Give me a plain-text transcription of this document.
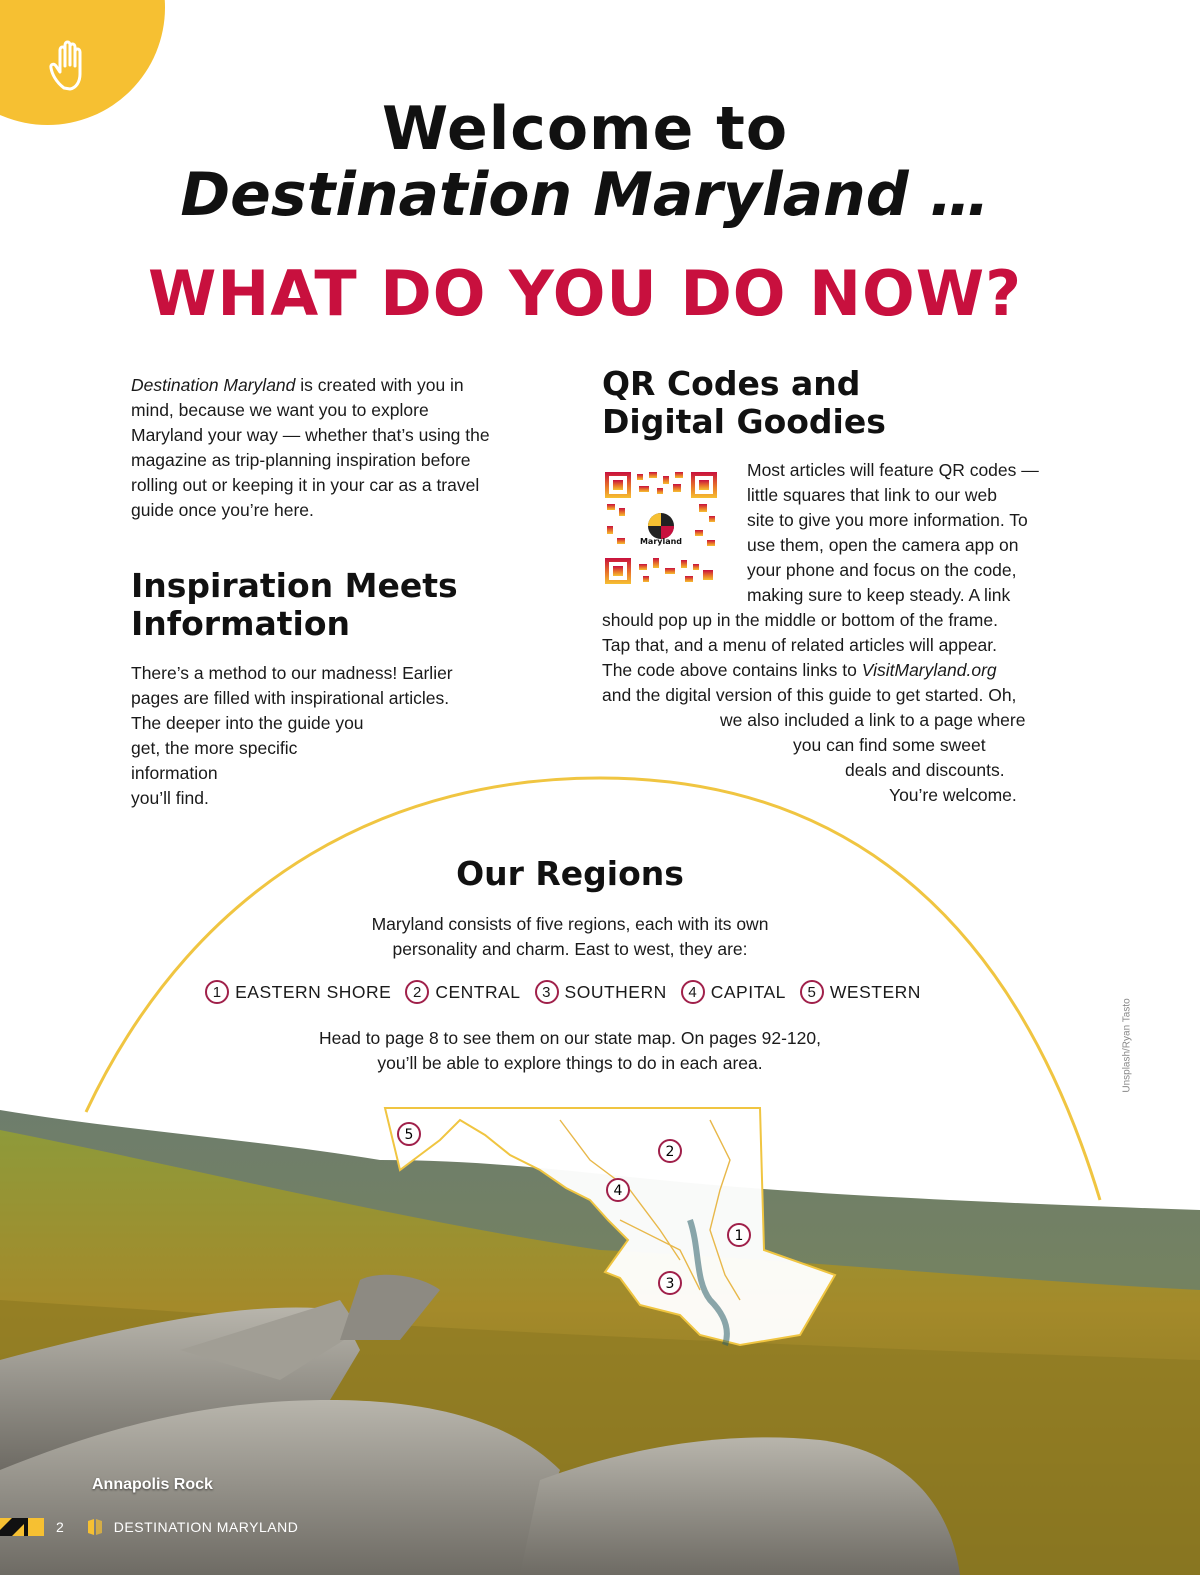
Welcome to
Destination Maryland …
WHAT DO YOU DO NOW?

Destination Maryland is created with you in mind, because we want you to explore Maryland your way — whether that’s using the magazine as trip-planning inspiration before rolling out or keeping it in your car as a travel guide once you’re here.

Inspiration Meets
Information

There’s a method to our madness! Earlier

pages are filled with inspirational articles.

The deeper into the guide you

get, the more specific

information

you’ll find.

QR Codes and
Digital Goodies
Maryland

Most articles will feature QR codes —

little squares that link to our web

site to give you more information. To

use them, open the camera app on

your phone and focus on the code,

making sure to keep steady. A link

should pop up in the middle or bottom of the frame.

Tap that, and a menu of related articles will appear.

The code above contains links to VisitMaryland.org

and the digital version of this guide to get started. Oh,

we also included a link to a page where

you can find some sweet

deals and discounts.

You’re welcome.

Our Regions

Maryland consists of five regions, each with its own
personality and charm. East to west, they are:

1 EASTERN SHORE	2 CENTRAL	3 SOUTHERN	4 CAPITAL	5 WESTERN

Head to page 8 to see them on our state map. On pages 92-120,
you’ll be able to explore things to do in each area.

5
2
4
1
3
Unsplash/Ryan Tasto
Annapolis Rock
2	DESTINATION MARYLAND
